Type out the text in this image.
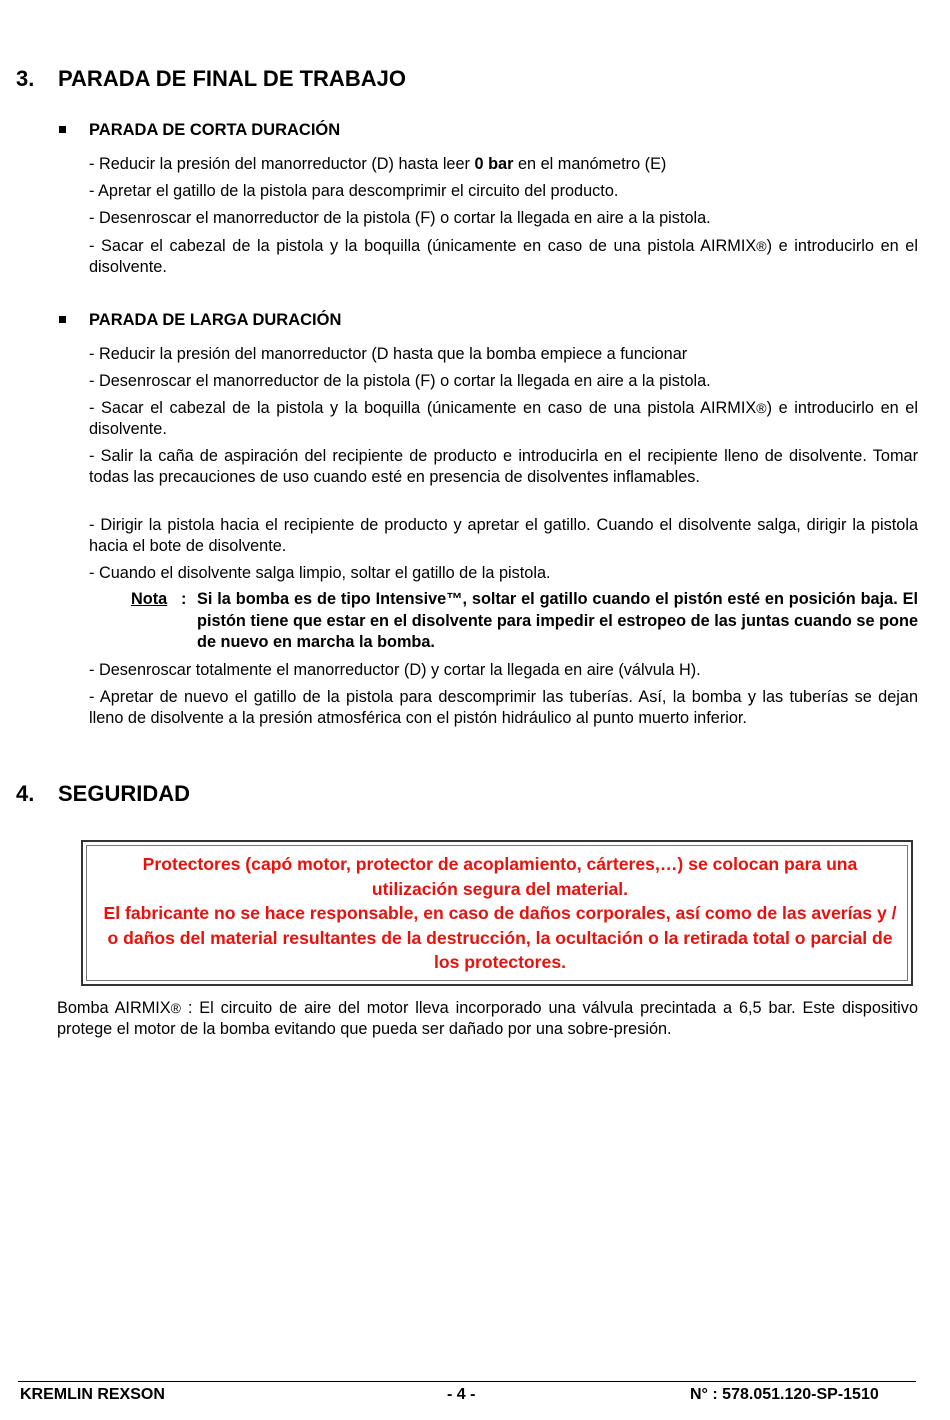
3. PARADA DE FINAL DE TRABAJO
PARADA DE CORTA DURACIÓN
- Reducir la presión del manorreductor (D) hasta leer 0 bar en el manómetro (E)
- Apretar el gatillo de la pistola para descomprimir el circuito del producto.
- Desenroscar el manorreductor de la pistola (F) o cortar la llegada en aire a la pistola.
- Sacar el cabezal de la pistola y la boquilla (únicamente en caso de una pistola AIRMIX®) e introducirlo en el disolvente.
PARADA DE LARGA DURACIÓN
- Reducir la presión del manorreductor (D hasta que la bomba empiece a funcionar
- Desenroscar el manorreductor de la pistola (F) o cortar la llegada en aire a la pistola.
- Sacar el cabezal de la pistola y la boquilla (únicamente en caso de una pistola AIRMIX®) e introducirlo en el disolvente.
- Salir la caña de aspiración del recipiente de producto e introducirla en el recipiente lleno de disolvente. Tomar todas las precauciones de uso cuando esté en presencia de disolventes inflamables.
- Dirigir la pistola hacia el recipiente de producto y apretar el gatillo. Cuando el disolvente salga, dirigir la pistola hacia el bote de disolvente.
- Cuando el disolvente salga limpio, soltar el gatillo de la pistola.
Nota : Si la bomba es de tipo Intensive™, soltar el gatillo cuando el pistón esté en posición baja. El pistón tiene que estar en el disolvente para impedir el estropeo de las juntas cuando se pone de nuevo en marcha la bomba.
- Desenroscar totalmente el manorreductor (D) y cortar la llegada en aire (válvula H).
- Apretar de nuevo el gatillo de la pistola para descomprimir las tuberías. Así, la bomba y las tuberías se dejan lleno de disolvente a la presión atmosférica con el pistón hidráulico al punto muerto inferior.
4. SEGURIDAD
Protectores (capó motor, protector de acoplamiento, cárteres,…) se colocan para una utilización segura del material.
El fabricante no se hace responsable, en caso de daños corporales, así como de las averías y / o daños del material resultantes de la destrucción, la ocultación o la retirada total o parcial de los protectores.
Bomba AIRMIX® : El circuito de aire del motor lleva incorporado una válvula precintada a 6,5 bar. Este dispositivo protege el motor de la bomba evitando que pueda ser dañado por una sobre-presión.
KREMLIN REXSON	- 4 -	N° : 578.051.120-SP-1510
